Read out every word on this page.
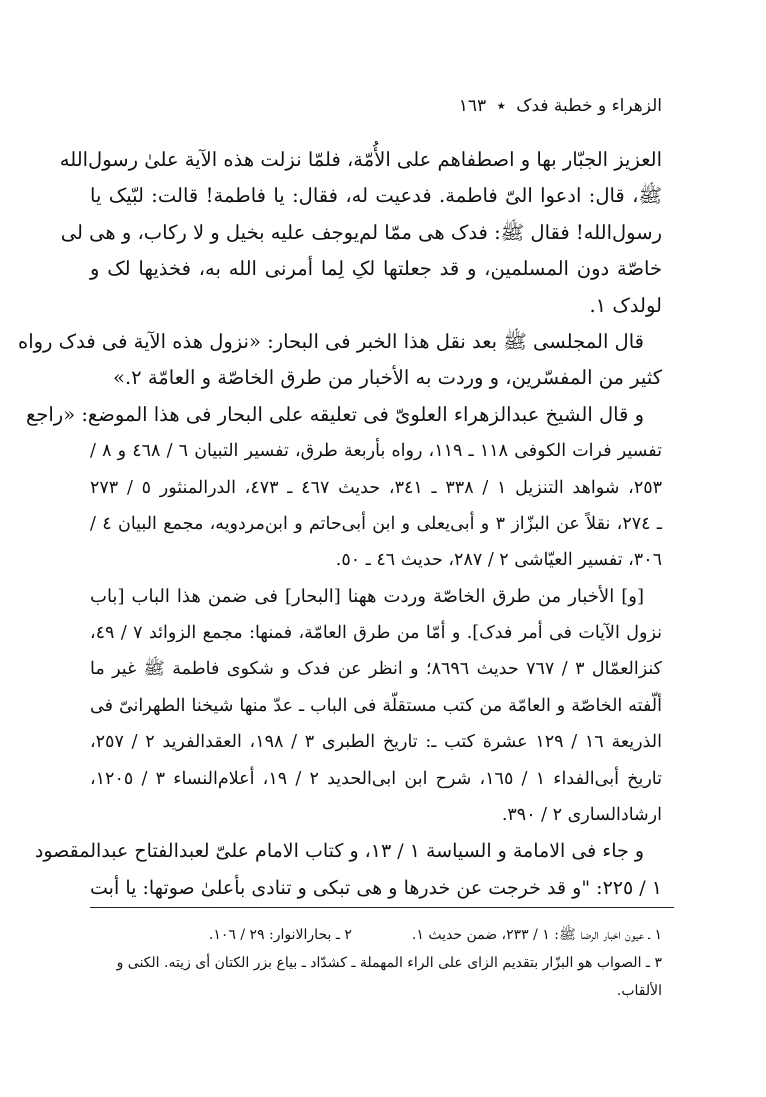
الزهراء و خطبة فدک ٭ ١٦٣
العزيز الجبّار بها و اصطفاهم على الأُمّة، فلمّا نزلت هذه الآية علىٰ رسول‌الله
ﷺ، قال: ادعوا الیّ فاطمة. فدعيت له، فقال: يا فاطمة! قالت: لبّيک يا
رسول‌الله! فقال ﷺ: فدک هی ممّا لم‌يوجف عليه بخيل و لا رکاب، و هی لی
خاصّة دون المسلمين، و قد جعلتها لکِ لِما أمرنی الله به، فخذيها لک و
لولدک ١.
قال المجلسی ﷺ بعد نقل هذا الخبر فی البحار: «نزول هذه الآية فی فدک رواه
کثير من المفسّرين، و وردت به الأخبار من طرق الخاصّة و العامّة ٢.»
و قال الشيخ عبدالزهراء العلویّ فی تعليقه علی البحار فی هذا الموضع: «راجع
تفسير فرات الکوفی ١١٨ ـ ١١٩، رواه بأربعة طرق، تفسير التبيان ٦ / ٤٦٨ و ٨ /
٢٥٣، شواهد التنزيل ١ / ٣٣٨ ـ ٣٤١، حديث ٤٦٧ ـ ٤٧٣، الدرالمنثور ٥ / ٢٧٣
ـ ٢٧٤، نقلاً عن البزّاز ٣ و أبی‌يعلی و ابن أبی‌حاتم و ابن‌مردويه، مجمع البيان ٤ /
٣٠٦، تفسير العيّاشی ٢ / ٢٨٧، حديث ٤٦ ـ ٥٠.
[و] الأخبار من طرق الخاصّة وردت ههنا [البحار] فی ضمن هذا الباب [باب
نزول الآيات فی أمر فدک]. و أمّا من طرق العامّة، فمنها: مجمع الزوائد ٧ / ٤٩،
کنزالعمّال ٣ / ٧٦٧ حديث ٨٦٩٦؛ و انظر عن فدک و شکوی فاطمة ﷺ غير ما
ألّفته الخاصّة و العامّة من کتب مستقلّة فی الباب ـ عدّ منها شيخنا الطهرانیّ فی
الذريعة ١٦ / ١٢٩ عشرة کتب ـ: تاريخ الطبری ٣ / ١٩٨، العقدالفريد ٢ / ٢٥٧،
تاريخ أبی‌الفداء ١ / ١٦٥، شرح ابن ابی‌الحديد ٢ / ١٩، أعلام‌النساء ٣ / ١٢٠٥،
ارشادالساری ٢ / ٣٩٠.
و جاء فی الامامة و السياسة ١ / ١٣، و کتاب الامام علیّ لعبدالفتاح عبدالمقصود
١ / ٢٢٥: "و قد خرجت عن خدرها و هی تبکی و تنادی بأعلیٰ صوتها: يا أبت
١ ـ عيون اخبار الرضا ﷺ: ١ / ٢٣٣، ضمن حديث ١.
٢ ـ بحارالانوار: ٢٩ / ١٠٦.
٣ ـ الصواب هو البزّار بتقديم الزای علی الراء المهملة ـ کشدّاد ـ بياع بزر الکتان أی زيته. الکنی و
الألقاب.
